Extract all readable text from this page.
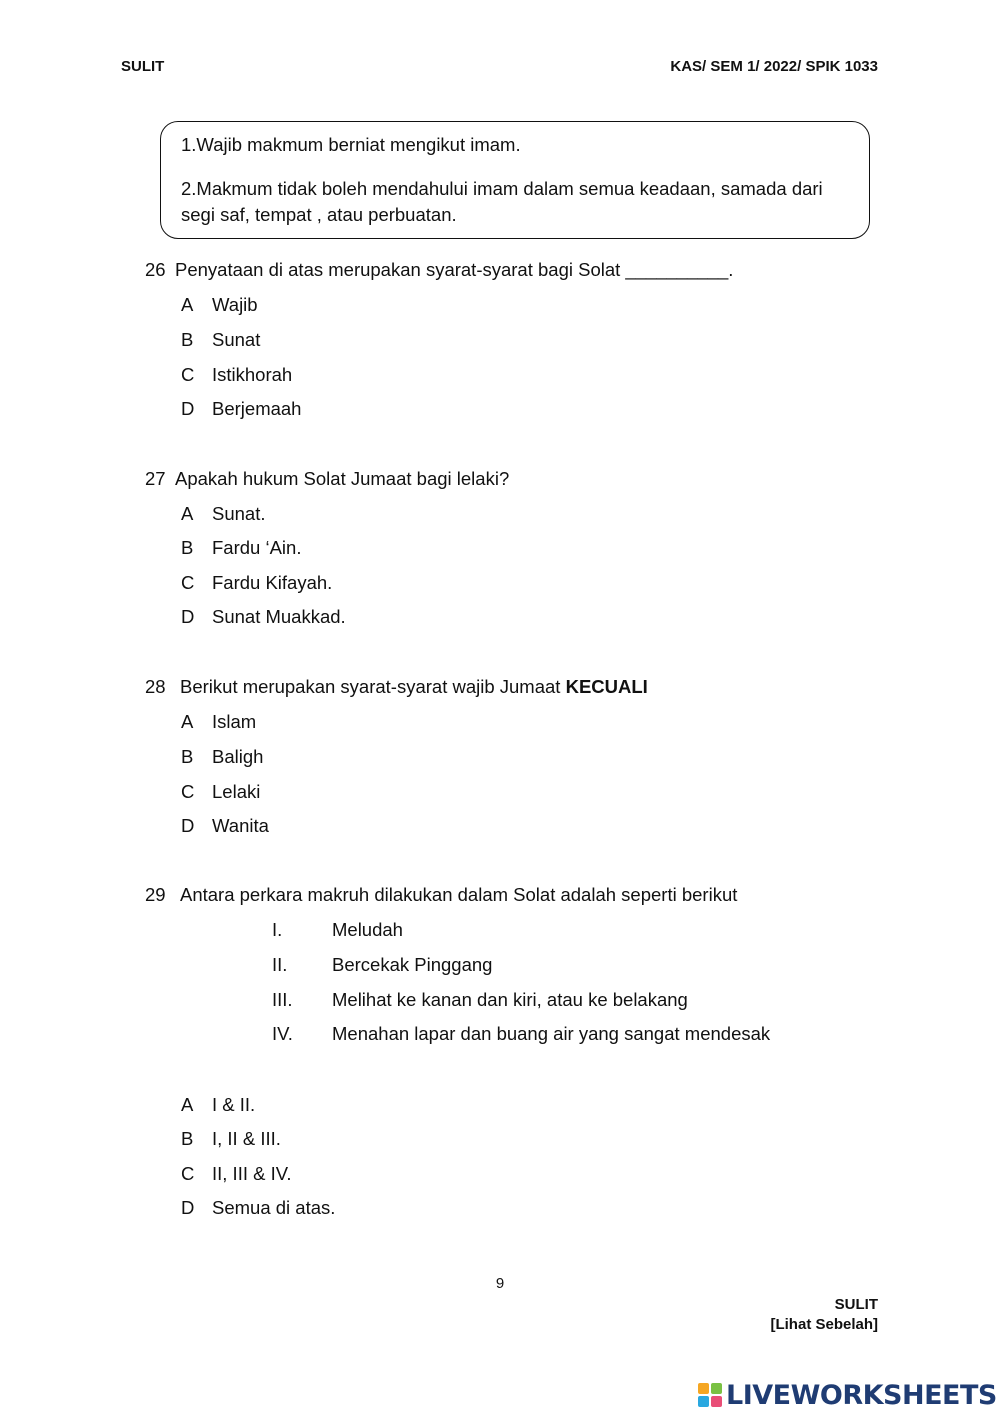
SULIT	KAS/ SEM 1/ 2022/ SPIK 1033
1.Wajib makmum berniat mengikut imam.
2.Makmum tidak boleh mendahului imam dalam semua keadaan, samada dari segi saf, tempat , atau perbuatan.
26 Penyataan di atas merupakan syarat-syarat bagi Solat __________.
A Wajib
B Sunat
C Istikhorah
D Berjemaah
27 Apakah hukum Solat Jumaat bagi lelaki?
A Sunat.
B Fardu ‘Ain.
C Fardu Kifayah.
D Sunat Muakkad.
28 Berikut merupakan syarat-syarat wajib Jumaat KECUALI
A Islam
B Baligh
C Lelaki
D Wanita
29 Antara perkara makruh dilakukan dalam Solat adalah seperti berikut
I.	Meludah
II. Bercekak Pinggang
III. Melihat ke kanan dan kiri, atau ke belakang
IV. Menahan lapar dan buang air yang sangat mendesak
A I & II.
B I, II & III.
C II, III & IV.
D Semua di atas.
9
SULIT
[Lihat Sebelah]
LIVEWORKSHEETS
